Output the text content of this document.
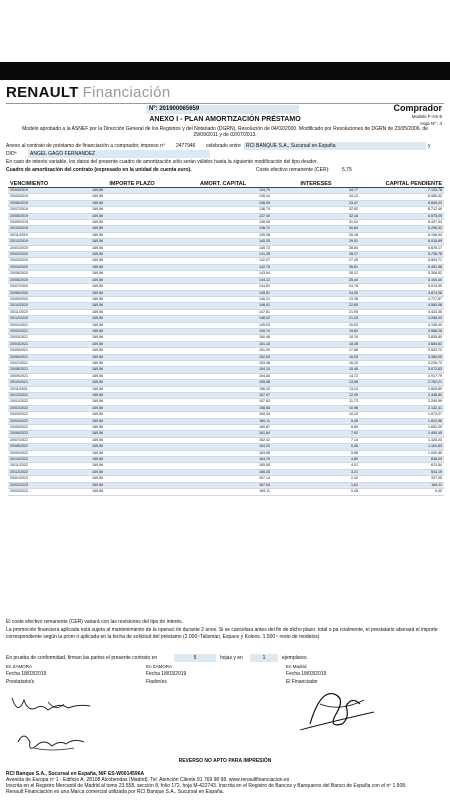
RENAULT Financiación
Nº: 201900065659	Comprador
Modelo F-AS-5
Hoja Nº : 4
ANEXO I - PLAN AMORTIZACIÓN PRÉSTAMO
Modelo aprobado a la ASNEF por la Dirección General de los Registros y del Notariado (DGRN), Resolución de 04/02/2000. Modificado por Resoluciones de DGRN de 23/05/2006, de 29/09/2011 y de 02/07/2013.
Anexo al contrato de préstamo de financiación a comprador, impreso nº 2477946 celebrado entre	RCI BANQUE S.A., Sucursal en España	y
D/Dª	ANGEL GAGO FERNANDEZ
En caso de interés variable, los datos del presente cuadro de amortización sólo serán válidos hasta la siguiente modificación del tipo deudor.
Cuadro de amortización del contrato (expresado en la unidad de cuenta euro).	Coste efectivo remanente (CER): 5,75
VENCIMIENTO	IMPORTE PLAZO	AMORT. CAPITAL	INTERESES	CAPITAL PENDIENTE
20/04/2019	169,56	134,79	34,77	7.120,78
20/05/2019	169,56	135,44	34,12	6.985,32
20/06/2019	169,56	136,09	33,47	6.849,23
20/07/2019	169,56	136,74	32,82	6.712,49
20/08/2019	169,56	137,40	32,16	6.575,09
20/09/2019	169,56	138,05	31,51	6.437,04
20/10/2019	169,56	138,72	30,84	6.298,32
20/11/2019	169,56	139,38	30,18	6.158,94
20/12/2019	169,56	140,05	29,51	6.018,89
20/01/2020	169,56	140,72	28,84	5.878,17
20/02/2020	169,56	141,39	28,17	5.736,78
20/03/2020	169,56	142,07	27,49	5.594,71
20/04/2020	169,56	142,75	26,81	5.451,96
20/05/2020	169,56	143,44	26,12	5.308,52
20/06/2020	169,56	144,12	25,44	5.164,40
20/07/2020	169,56	144,81	24,75	5.019,59
20/08/2020	169,56	145,51	24,05	4.874,08
20/09/2020	169,56	146,21	23,35	4.727,87
20/10/2020	169,56	146,91	22,65	4.580,96
20/11/2020	169,56	147,61	21,95	4.433,35
20/12/2020	169,56	148,32	21,24	4.285,03
20/01/2021	169,56	149,03	20,53	4.136,00
20/02/2021	169,56	149,74	19,82	3.986,26
20/03/2021	169,56	150,46	19,10	3.835,80
20/04/2021	169,56	151,18	18,38	3.684,62
20/05/2021	169,56	151,90	17,66	3.532,72
20/06/2021	169,56	152,63	16,93	3.380,09
20/07/2021	169,56	153,36	16,20	3.226,73
20/08/2021	169,56	154,10	15,46	3.072,63
20/09/2021	169,56	154,84	14,72	2.917,79
20/10/2021	169,56	155,58	13,98	2.762,21
20/11/2021	169,56	156,32	13,24	2.605,89
20/12/2021	169,56	157,07	12,49	2.448,82
20/01/2022	169,56	157,83	11,73	2.290,99
20/02/2022	169,56	158,58	10,98	2.132,41
20/03/2022	169,56	159,34	10,22	1.973,07
20/04/2022	169,56	160,11	9,45	1.812,96
20/05/2022	169,56	160,87	8,69	1.652,09
20/06/2022	169,56	161,64	7,92	1.490,45
20/07/2022	169,56	162,42	7,14	1.328,03
20/08/2022	169,56	163,20	6,36	1.164,83
20/09/2022	169,56	163,98	5,58	1.000,85
20/10/2022	169,56	164,76	4,80	836,09
20/11/2022	169,56	165,55	4,01	670,54
20/12/2022	169,56	166,35	3,21	504,19
20/01/2023	169,56	167,14	2,42	337,05
20/02/2023	169,56	167,94	1,62	169,11
20/03/2023	169,56	169,11	0,45	0,00
El coste efectivo remanente (CER) variará con las revisiones del tipo de interés.
La promoción financiera aplicada está sujeta al mantenimiento de la operaci ón durante 2 anos. Si se cancelara antes del fin de dicho plazo. total o pa rcialmente, el prestatario abonará el importe correspondiente según la prom o aplicada en la fecha de solicitud del préstamo (2.000~Talisman, Espace y Koleos. 1.500~ resto de modelos)
En prueba de conformidad, firman las partes el presente contrato en	5	hojas y en	1	ejemplares.
En ZAMORA
Fecha 18/03/2019
Prestatario/s
En ZAMORA
Fecha 18/03/2019
Fiador/es
En Madrid
Fecha 18/03/2019
El Financiador
REVERSO NO APTO PARA IMPRESIÓN
RCI Banque S.A., Sucursal en España, NIF ES-W0014596A
Avenida de Europa nº 1 - Edificio A. 28108 Alcobendas (Madrid). Tel. Atención Cliente 91 769 98 98. www.renaultfinanciacion.es
Inscrita en el Registro Mercantil de Madrid al tomo 23.558, sección 8, folio 172, hoja M-422743. Inscrita en el Registro de Bancos y Banqueros del Banco de España con el nº 1.508.
Renault Financiación es una Marca comercial utilizada por RCI Banque S.A., Sucursal en España.
